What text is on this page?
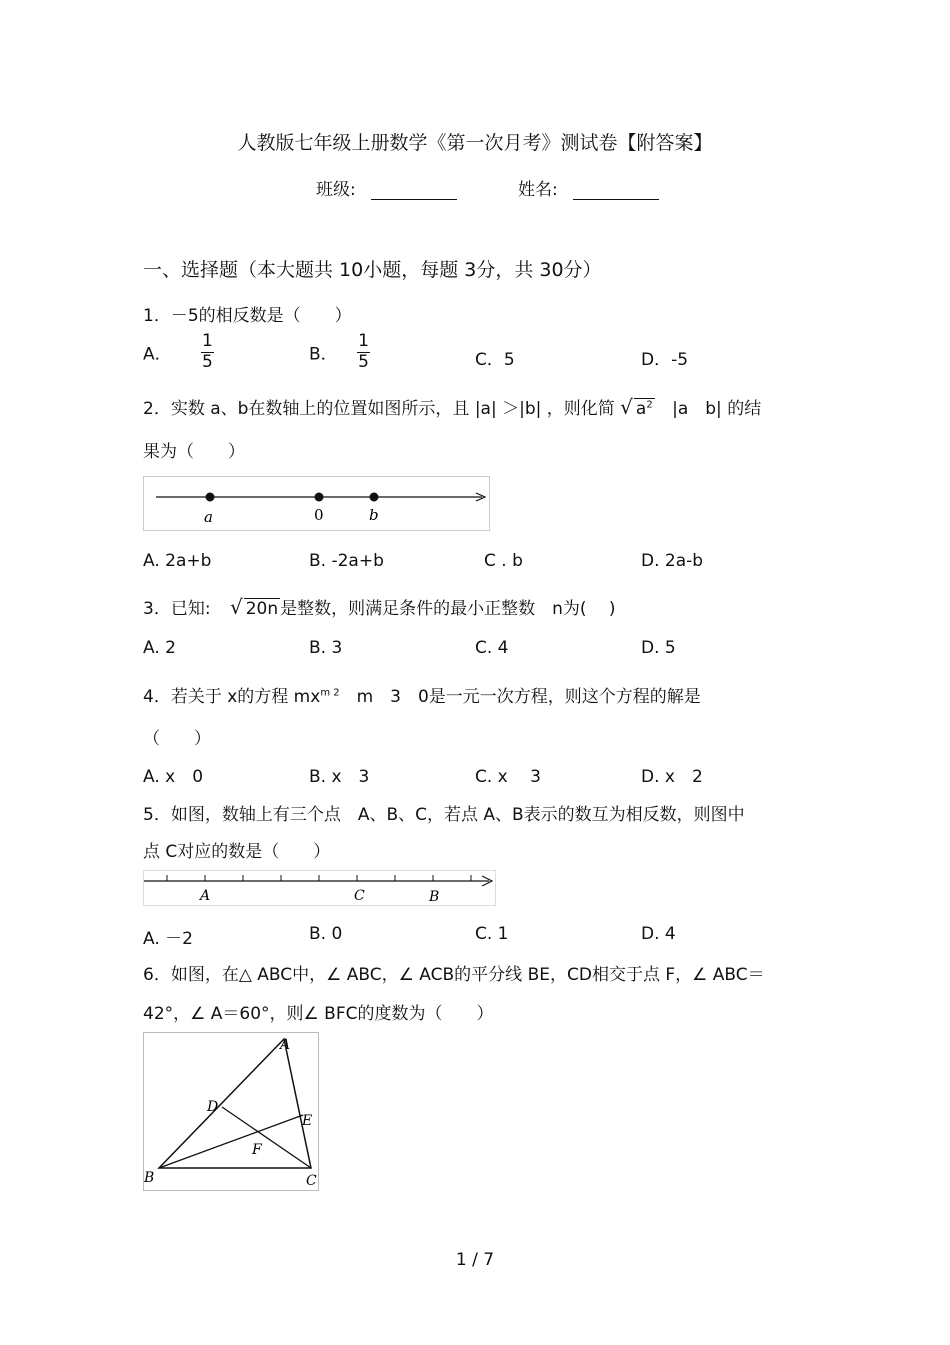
人教版七年级上册数学《第一次月考》测试卷【附答案】
班级:	姓名:
一、选择题（本大题共 10小题，每题 3分，共 30分）
1．－5的相反数是（　　）
A． $\frac{1}{5}$	B． $\frac{1}{5}$	C．5	D．-5
2．实数 a、b在数轴上的位置如图所示，且 |a| ＞|b| ，则化简 √ $a^2$ |a　b| 的结
果为（　　）
a	0	b
A. 2a+b	B. -2a+b	C . b	D. 2a-b
3．已知: √ 20n 是整数，则满足条件的最小正整数　n为(　 )
A. 2	B. 3	C. 4	D. 5
4．若关于 x的方程 $mx^{m 2}$　m　3　0是一元一次方程，则这个方程的解是
（　　）
A. x　0	B. x　3	C. x　 3	D. x　2
5．如图，数轴上有三个点　A、B、C，若点 A、B表示的数互为相反数，则图中
点 C对应的数是（　　）
A	C	B
A. －2	B. 0	C. 1	D. 4
6．如图，在△ ABC中，∠ ABC，∠ ACB的平分线 BE，CD相交于点 F，∠ ABC＝
42°，∠ A＝60°，则∠ BFC的度数为（　　）
A
D
E
F
B	C
1 / 7
